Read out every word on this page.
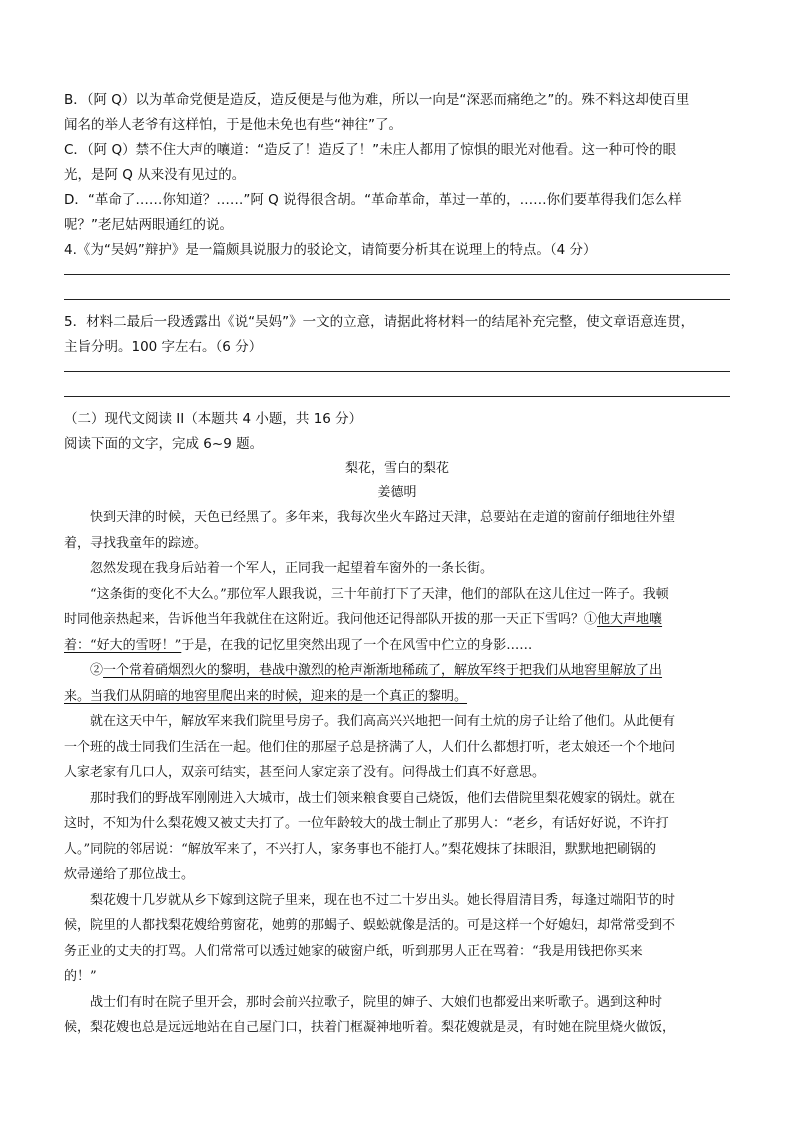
B．（阿 Q）以为革命党便是造反，造反便是与他为难，所以一向是“深恶而痛绝之”的。殊不料这却使百里

闻名的举人老爷有这样怕，于是他未免也有些“神往”了。

C．（阿 Q）禁不住大声的嚷道：“造反了！造反了！”未庄人都用了惊惧的眼光对他看。这一种可怜的眼

光，是阿 Q 从来没有见过的。

D．“革命了……你知道？……”阿 Q 说得很含胡。“革命革命，革过一革的，……你们要革得我们怎么样

呢？”老尼姑两眼通红的说。

4.《为“吴妈”辩护》是一篇颇具说服力的驳论文，请简要分析其在说理上的特点。（4 分）

5．材料二最后一段透露出《说“吴妈”》一文的立意，请据此将材料一的结尾补充完整，使文章语意连贯，

主旨分明。100 字左右。（6 分）

（二）现代文阅读 II（本题共 4 小题，共 16 分）

阅读下面的文字，完成 6~9 题。

梨花，雪白的梨花

姜德明

快到天津的时候，天色已经黑了。多年来，我每次坐火车路过天津，总要站在走道的窗前仔细地往外望

着，寻找我童年的踪迹。

忽然发现在我身后站着一个军人，正同我一起望着车窗外的一条长街。

“这条街的变化不大么。”那位军人跟我说，三十年前打下了天津，他们的部队在这儿住过一阵子。我顿

时同他亲热起来，告诉他当年我就住在这附近。我问他还记得部队开拔的那一天正下雪吗？①他大声地嚷

着：“好大的雪呀！”于是，在我的记忆里突然出现了一个在风雪中伫立的身影……

②一个常着硝烟烈火的黎明，巷战中激烈的枪声渐渐地稀疏了，解放军终于把我们从地窖里解放了出

来。当我们从阴暗的地窖里爬出来的时候，迎来的是一个真正的黎明。

就在这天中午，解放军来我们院里号房子。我们高高兴兴地把一间有土炕的房子让给了他们。从此便有

一个班的战士同我们生活在一起。他们住的那屋子总是挤满了人，人们什么都想打听，老太娘还一个个地问

人家老家有几口人，双亲可结实，甚至问人家定亲了没有。问得战士们真不好意思。

那时我们的野战军刚刚进入大城市，战士们领来粮食要自己烧饭，他们去借院里梨花嫂家的锅灶。就在

这时，不知为什么梨花嫂又被丈夫打了。一位年龄较大的战士制止了那男人：“老乡，有话好好说，不许打

人。”同院的邻居说：“解放军来了，不兴打人，家务事也不能打人。”梨花嫂抹了抹眼泪，默默地把刷锅的

炊帚递给了那位战士。

梨花嫂十几岁就从乡下嫁到这院子里来，现在也不过二十岁出头。她长得眉清目秀，每逢过端阳节的时

候，院里的人都找梨花嫂给剪窗花，她剪的那蝎子、蜈蚣就像是活的。可是这样一个好媳妇，却常常受到不

务正业的丈夫的打骂。人们常常可以透过她家的破窗户纸，听到那男人正在骂着：“我是用钱把你买来

的！”

战士们有时在院子里开会，那时会前兴拉歌子，院里的婶子、大娘们也都爱出来听歌子。遇到这种时

候，梨花嫂也总是远远地站在自己屋门口，扶着门框凝神地听着。梨花嫂就是灵，有时她在院里烧火做饭，
